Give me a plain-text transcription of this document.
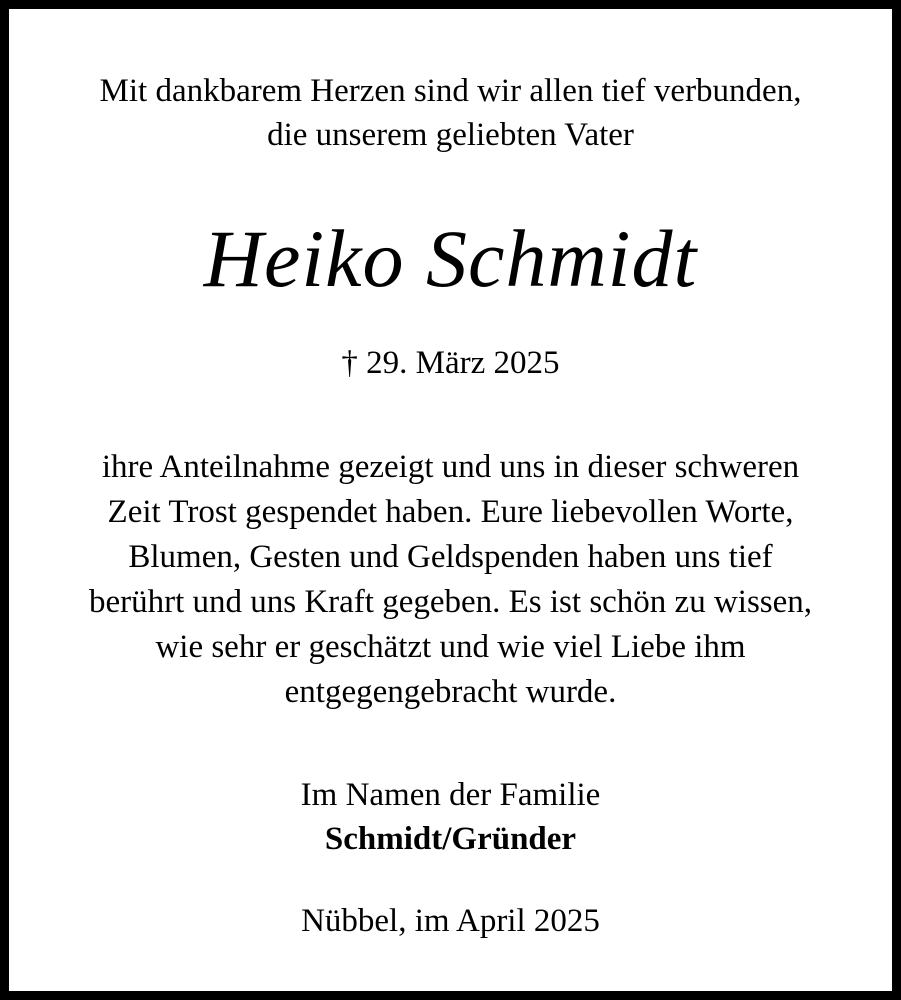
Mit dankbarem Herzen sind wir allen tief verbunden,
die unserem geliebten Vater
Heiko Schmidt
† 29. März 2025
ihre Anteilnahme gezeigt und uns in dieser schweren
Zeit Trost gespendet haben. Eure liebevollen Worte,
Blumen, Gesten und Geldspenden haben uns tief
berührt und uns Kraft gegeben. Es ist schön zu wissen,
wie sehr er geschätzt und wie viel Liebe ihm
entgegengebracht wurde.
Im Namen der Familie
Schmidt/Gründer
Nübbel, im April 2025
